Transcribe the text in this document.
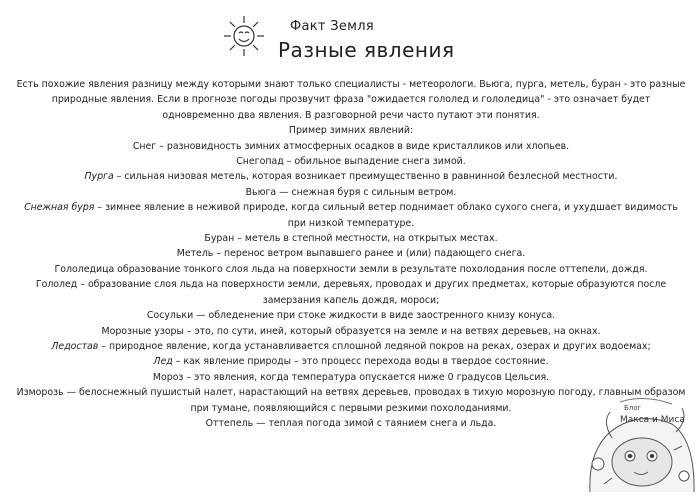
Факт Земля
Разные явления

Есть похожие явления разницу между которыми знают только специалисты - метеорологи. Вьюга, пурга, метель, буран - это разные природные явления. Если в прогнозе погоды прозвучит фраза "ожидается гололед и гололедица" - это означает будет одновременно два явления. В разговорной речи часто путают эти понятия.

Пример зимних явлений:

Снег – разновидность зимних атмосферных осадков в виде кристалликов или хлопьев.

Снегопад – обильное выпадение снега зимой.

Пурга – сильная низовая метель, которая возникает преимущественно в равнинной безлесной местности.

Вьюга — снежная буря с сильным ветром.

Снежная буря – зимнее явление в неживой природе, когда сильный ветер поднимает облако сухого снега, и ухудшает видимость при низкой температуре.

Буран – метель в степной местности, на открытых местах.

Метель – перенос ветром выпавшего ранее и (или) падающего снега.

Гололедица образование тонкого слоя льда на поверхности земли в результате похолодания после оттепели, дождя.

Гололед – образование слоя льда на поверхности земли, деревьях, проводах и других предметах, которые образуются после замерзания капель дождя, мороси;

Сосульки — обледенение при стоке жидкости в виде заостренного книзу конуса.

Морозные узоры – это, по сути, иней, который образуется на земле и на ветвях деревьев, на окнах.

Ледостав – природное явление, когда устанавливается сплошной ледяной покров на реках, озерах и других водоемах;

Лед – как явление природы – это процесс перехода воды в твердое состояние.

Мороз – это явления, когда температура опускается ниже 0 градусов Цельсия.

Изморозь — белоснежный пушистый налет, нарастающий на ветвях деревьев, проводах в тихую морозную погоду, главным образом при тумане, появляющийся с первыми резкими похолоданиями.

Оттепель — теплая погода зимой с таянием снега и льда.

Блог
Макса и Миса
